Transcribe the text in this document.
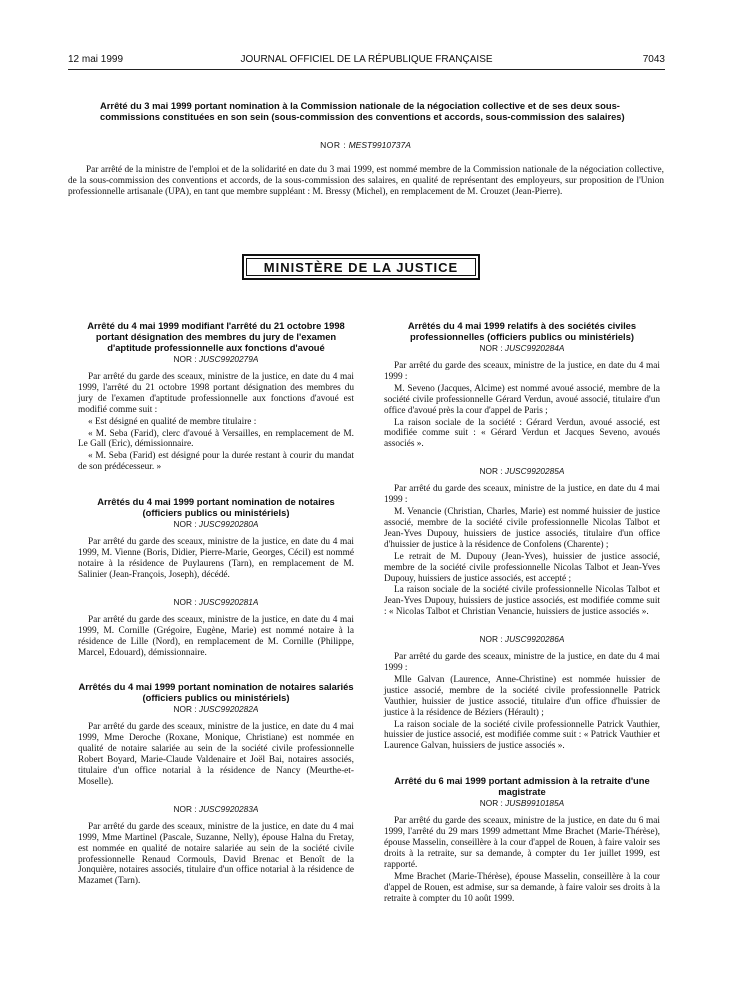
12 mai 1999	JOURNAL OFFICIEL DE LA RÉPUBLIQUE FRANÇAISE	7043
Arrêté du 3 mai 1999 portant nomination à la Commission nationale de la négociation collective et de ses deux sous-commissions constituées en son sein (sous-commission des conventions et accords, sous-commission des salaires)
NOR : MEST9910737A

Par arrêté de la ministre de l'emploi et de la solidarité en date du 3 mai 1999, est nommé membre de la Commission nationale de la négociation collective, de la sous-commission des conventions et accords, de la sous-commission des salaires, en qualité de représentant des employeurs, sur proposition de l'Union professionnelle artisanale (UPA), en tant que membre suppléant : M. Bressy (Michel), en remplacement de M. Crouzet (Jean-Pierre).

MINISTÈRE DE LA JUSTICE

Arrêté du 4 mai 1999 modifiant l'arrêté du 21 octobre 1998 portant désignation des membres du jury de l'examen d'aptitude professionnelle aux fonctions d'avoué

NOR : JUSC9920279A

Par arrêté du garde des sceaux, ministre de la justice, en date du 4 mai 1999, l'arrêté du 21 octobre 1998 portant désignation des membres du jury de l'examen d'aptitude professionnelle aux fonctions d'avoué est modifié comme suit :

« Est désigné en qualité de membre titulaire :

« M. Seba (Farid), clerc d'avoué à Versailles, en remplacement de M. Le Gall (Eric), démissionnaire.

« M. Seba (Farid) est désigné pour la durée restant à courir du mandat de son prédécesseur. »

Arrêtés du 4 mai 1999 portant nomination de notaires (officiers publics ou ministériels)

NOR : JUSC9920280A

Par arrêté du garde des sceaux, ministre de la justice, en date du 4 mai 1999, M. Vienne (Boris, Didier, Pierre-Marie, Georges, Cécil) est nommé notaire à la résidence de Puylaurens (Tarn), en remplacement de M. Salinier (Jean-François, Joseph), décédé.

NOR : JUSC9920281A

Par arrêté du garde des sceaux, ministre de la justice, en date du 4 mai 1999, M. Cornille (Grégoire, Eugène, Marie) est nommé notaire à la résidence de Lille (Nord), en remplacement de M. Cornille (Philippe, Marcel, Edouard), démissionnaire.

Arrêtés du 4 mai 1999 portant nomination de notaires salariés (officiers publics ou ministériels)

NOR : JUSC9920282A

Par arrêté du garde des sceaux, ministre de la justice, en date du 4 mai 1999, Mme Deroche (Roxane, Monique, Christiane) est nommée en qualité de notaire salariée au sein de la société civile professionnelle Robert Boyard, Marie-Claude Valdenaire et Joël Bai, notaires associés, titulaire d'un office notarial à la résidence de Nancy (Meurthe-et-Moselle).

NOR : JUSC9920283A

Par arrêté du garde des sceaux, ministre de la justice, en date du 4 mai 1999, Mme Martinel (Pascale, Suzanne, Nelly), épouse Halna du Fretay, est nommée en qualité de notaire salariée au sein de la société civile professionnelle Renaud Cormouls, David Brenac et Benoît de la Jonquière, notaires associés, titulaire d'un office notarial à la résidence de Mazamet (Tarn).

Arrêtés du 4 mai 1999 relatifs à des sociétés civiles professionnelles (officiers publics ou ministériels)

NOR : JUSC9920284A

Par arrêté du garde des sceaux, ministre de la justice, en date du 4 mai 1999 :

M. Seveno (Jacques, Alcime) est nommé avoué associé, membre de la société civile professionnelle Gérard Verdun, avoué associé, titulaire d'un office d'avoué près la cour d'appel de Paris ;

La raison sociale de la société : Gérard Verdun, avoué associé, est modifiée comme suit : « Gérard Verdun et Jacques Seveno, avoués associés ».

NOR : JUSC9920285A

Par arrêté du garde des sceaux, ministre de la justice, en date du 4 mai 1999 :

M. Venancie (Christian, Charles, Marie) est nommé huissier de justice associé, membre de la société civile professionnelle Nicolas Talbot et Jean-Yves Dupouy, huissiers de justice associés, titulaire d'un office d'huissier de justice à la résidence de Confolens (Charente) ;

Le retrait de M. Dupouy (Jean-Yves), huissier de justice associé, membre de la société civile professionnelle Nicolas Talbot et Jean-Yves Dupouy, huissiers de justice associés, est accepté ;

La raison sociale de la société civile professionnelle Nicolas Talbot et Jean-Yves Dupouy, huissiers de justice associés, est modifiée comme suit : « Nicolas Talbot et Christian Venancie, huissiers de justice associés ».

NOR : JUSC9920286A

Par arrêté du garde des sceaux, ministre de la justice, en date du 4 mai 1999 :

Mlle Galvan (Laurence, Anne-Christine) est nommée huissier de justice associé, membre de la société civile professionnelle Patrick Vauthier, huissier de justice associé, titulaire d'un office d'huissier de justice à la résidence de Béziers (Hérault) ;

La raison sociale de la société civile professionnelle Patrick Vauthier, huissier de justice associé, est modifiée comme suit : « Patrick Vauthier et Laurence Galvan, huissiers de justice associés ».

Arrêté du 6 mai 1999 portant admission à la retraite d'une magistrate

NOR : JUSB9910185A

Par arrêté du garde des sceaux, ministre de la justice, en date du 6 mai 1999, l'arrêté du 29 mars 1999 admettant Mme Brachet (Marie-Thérèse), épouse Masselin, conseillère à la cour d'appel de Rouen, à faire valoir ses droits à la retraite, sur sa demande, à compter du 1er juillet 1999, est rapporté.

Mme Brachet (Marie-Thérèse), épouse Masselin, conseillère à la cour d'appel de Rouen, est admise, sur sa demande, à faire valoir ses droits à la retraite à compter du 10 août 1999.
